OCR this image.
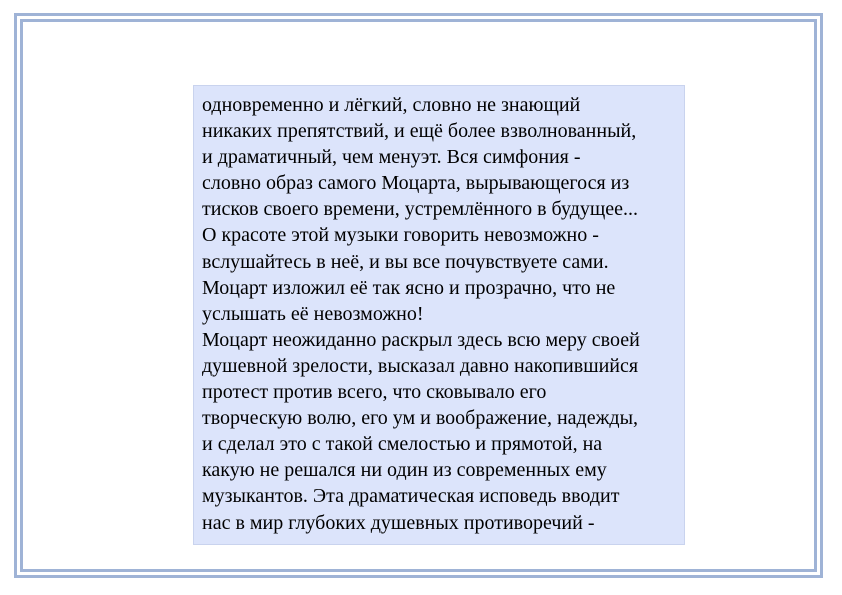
одновременно и лёгкий, словно не знающий
никаких препятствий, и ещё более взволнованный,
и драматичный, чем менуэт. Вся симфония -
словно образ самого Моцарта, вырывающегося из
тисков своего времени, устремлённого в будущее...
О красоте этой музыки говорить невозможно -
вслушайтесь в неё, и вы все почувствуете сами.
Моцарт изложил её так ясно и прозрачно, что не
услышать её невозможно!
Моцарт неожиданно раскрыл здесь всю меру своей
душевной зрелости, высказал давно накопившийся
протест против всего, что сковывало его
творческую волю, его ум и воображение, надежды,
и сделал это с такой смелостью и прямотой, на
какую не решался ни один из современных ему
музыкантов. Эта драматическая исповедь вводит
нас в мир глубоких душевных противоречий -
